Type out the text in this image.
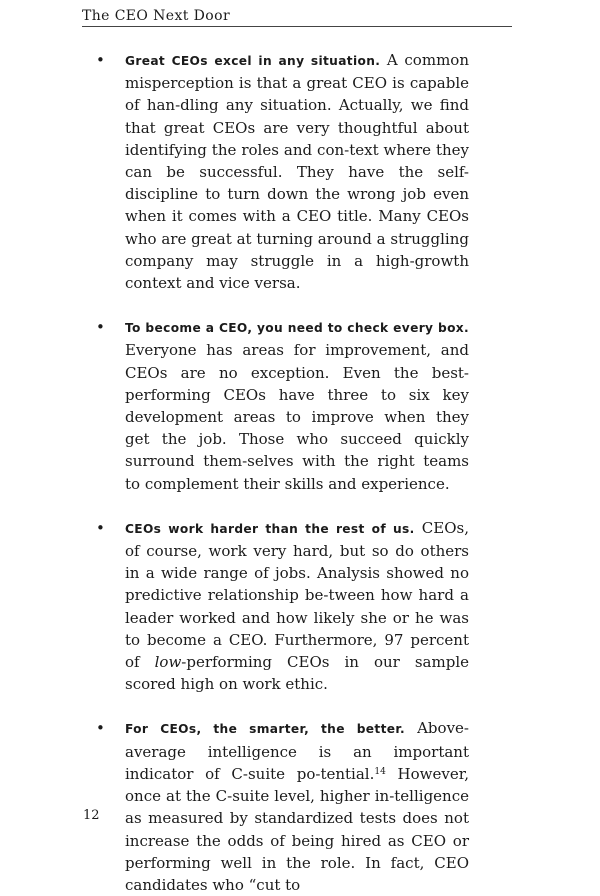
The CEO Next Door

• Great CEOs excel in any situation. A common misperception is that a great CEO is capable of han-dling any situation. Actually, we find that great CEOs are very thoughtful about identifying the roles and con-text where they can be successful. They have the self-discipline to turn down the wrong job even when it comes with a CEO title. Many CEOs who are great at turning around a struggling company may struggle in a high-growth context and vice versa.

• To become a CEO, you need to check every box. Everyone has areas for improvement, and CEOs are no exception. Even the best-performing CEOs have three to six key development areas to improve when they get the job. Those who succeed quickly surround them-selves with the right teams to complement their skills and experience.

• CEOs work harder than the rest of us. CEOs, of course, work very hard, but so do others in a wide range of jobs. Analysis showed no predictive relationship be-tween how hard a leader worked and how likely she or he was to become a CEO. Furthermore, 97 percent of low-performing CEOs in our sample scored high on work ethic.

• For CEOs, the smarter, the better. Above-average intelligence is an important indicator of C-suite po-tential.$^{14}$ However, once at the C-suite level, higher in-telligence as measured by standardized tests does not increase the odds of being hired as CEO or performing well in the role. In fact, CEO candidates who “cut to

12
